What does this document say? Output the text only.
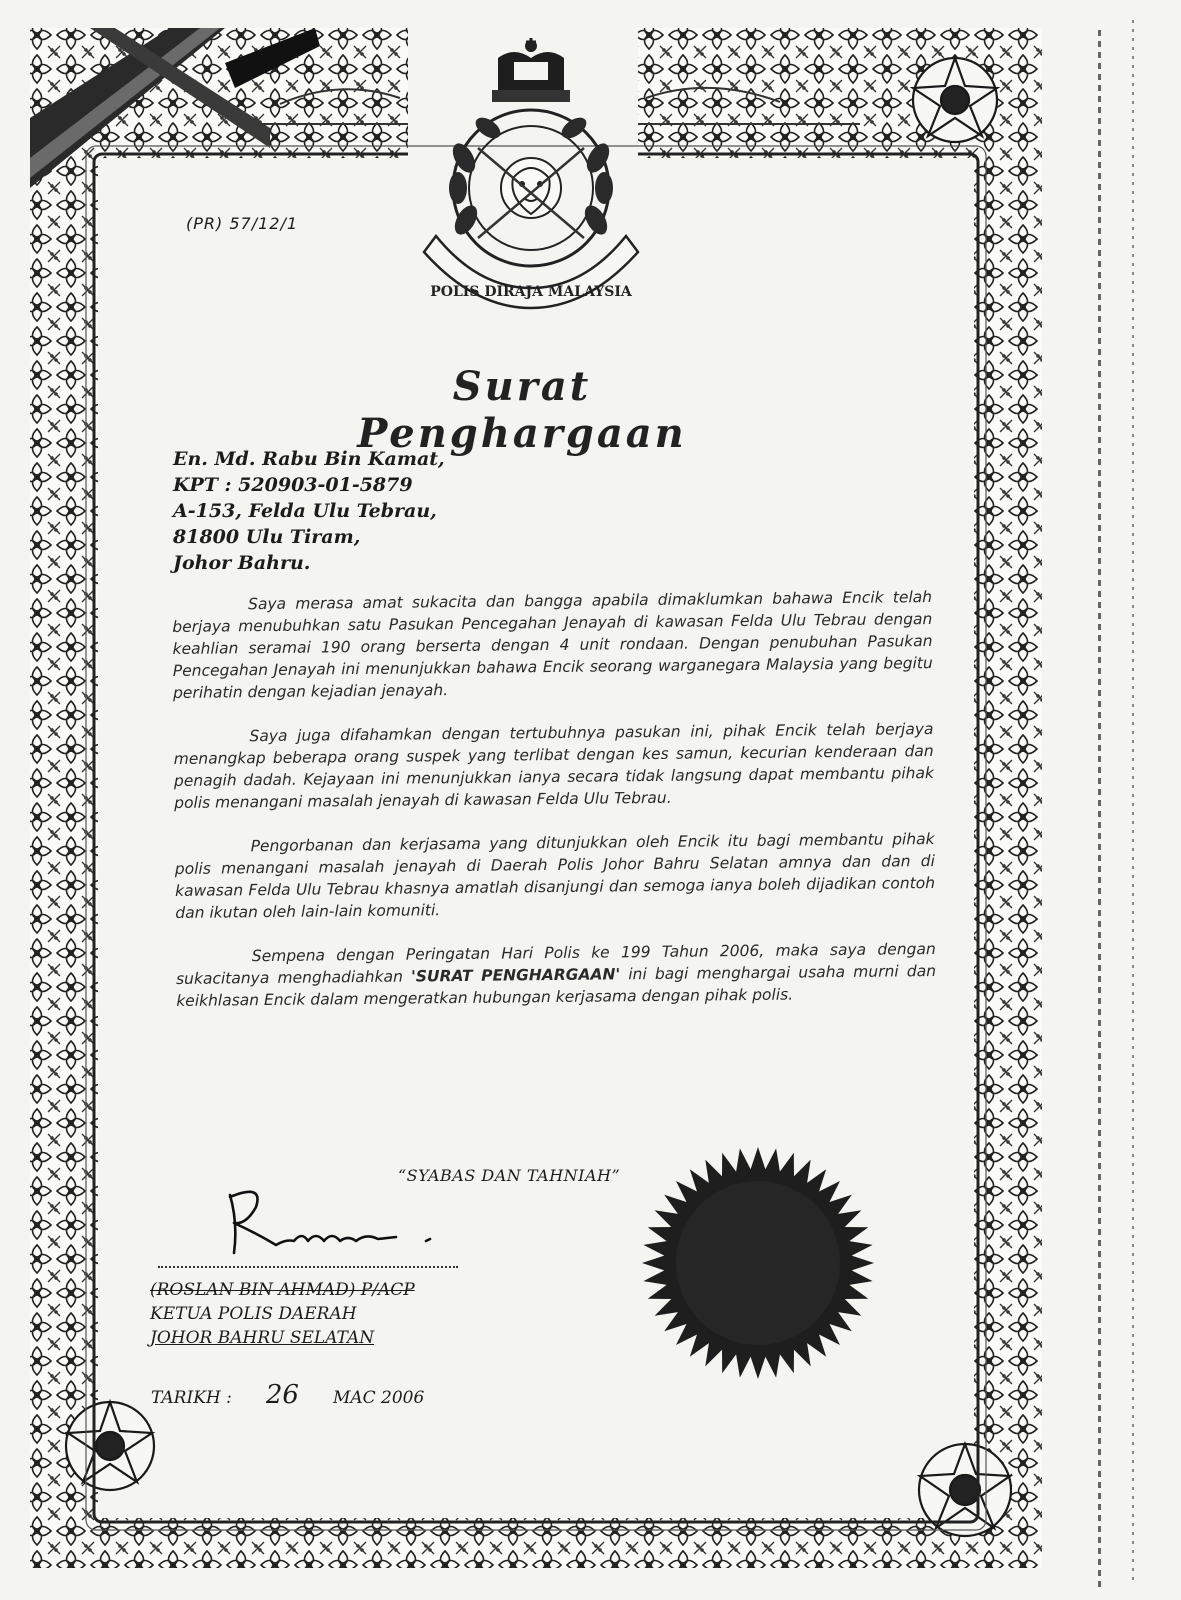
POLIS DIRAJA MALAYSIA
(PR) 57/12/1
Surat Penghargaan
En. Md. Rabu Bin Kamat,
KPT : 520903-01-5879
A-153, Felda Ulu Tebrau,
81800 Ulu Tiram,
Johor Bahru.

Saya merasa amat sukacita dan bangga apabila dimaklumkan bahawa Encik telah berjaya menubuhkan satu Pasukan Pencegahan Jenayah di kawasan Felda Ulu Tebrau dengan keahlian seramai 190 orang berserta dengan 4 unit rondaan. Dengan penubuhan Pasukan Pencegahan Jenayah ini menunjukkan bahawa Encik seorang warganegara Malaysia yang begitu perihatin dengan kejadian jenayah.

Saya juga difahamkan dengan tertubuhnya pasukan ini, pihak Encik telah berjaya menangkap beberapa orang suspek yang terlibat dengan kes samun, kecurian kenderaan dan penagih dadah. Kejayaan ini menunjukkan ianya secara tidak langsung dapat membantu pihak polis menangani masalah jenayah di kawasan Felda Ulu Tebrau.

Pengorbanan dan kerjasama yang ditunjukkan oleh Encik itu bagi membantu pihak polis menangani masalah jenayah di Daerah Polis Johor Bahru Selatan amnya dan dan di kawasan Felda Ulu Tebrau khasnya amatlah disanjungi dan semoga ianya boleh dijadikan contoh dan ikutan oleh lain-lain komuniti.

Sempena dengan Peringatan Hari Polis ke 199 Tahun 2006, maka saya dengan sukacitanya menghadiahkan 'SURAT PENGHARGAAN' ini bagi menghargai usaha murni dan keikhlasan Encik dalam mengeratkan hubungan kerjasama dengan pihak polis.

“SYABAS DAN TAHNIAH”
(ROSLAN BIN AHMAD) P/ACP
KETUA POLIS DAERAH
JOHOR BAHRU SELATAN
TARIKH : 26 MAC 2006
